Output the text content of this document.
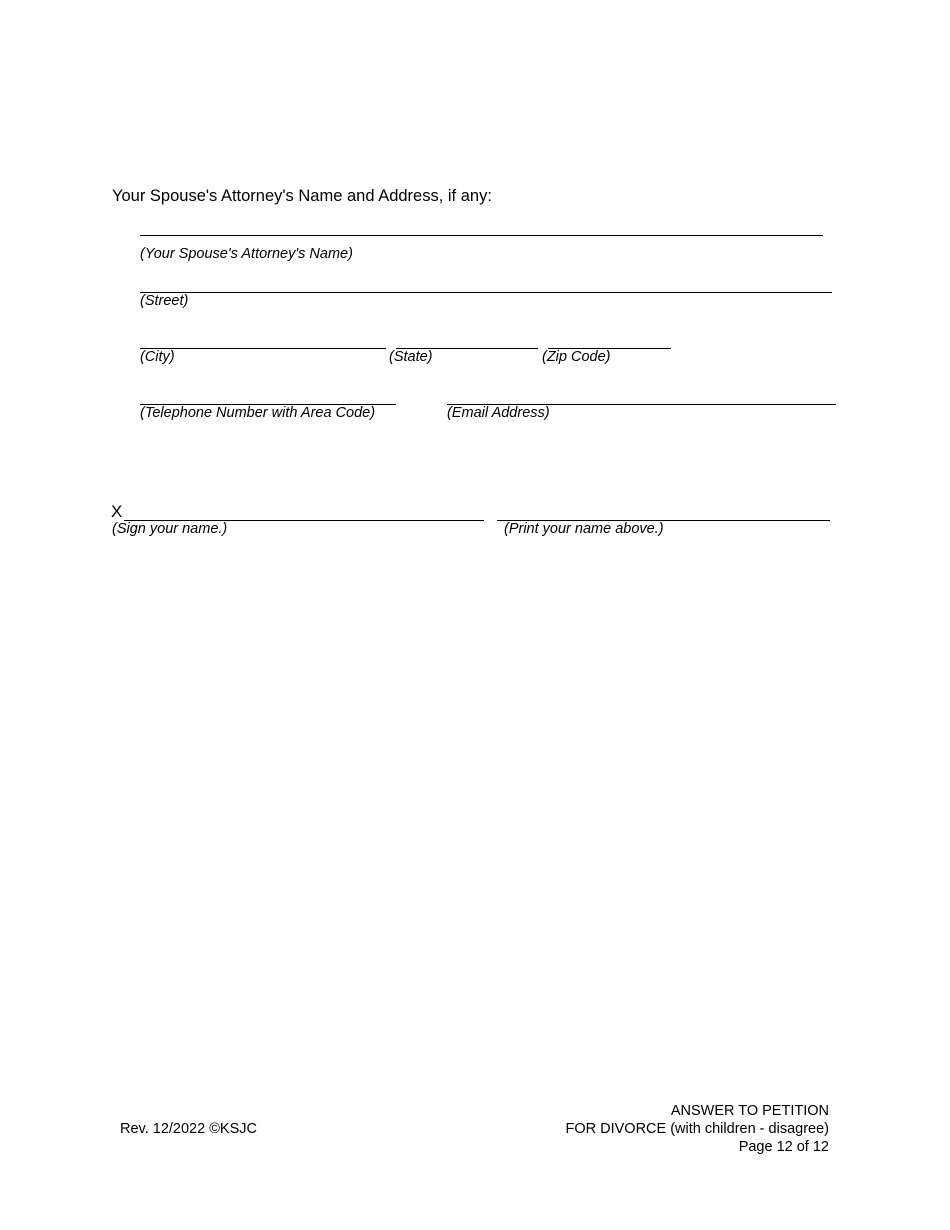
Your Spouse's Attorney's Name and Address, if any:
(Your Spouse's Attorney's Name)
(Street)
(City)	(State)	(Zip Code)
(Telephone Number with Area Code)	(Email Address)
X
(Sign your name.)	(Print your name above.)
Rev. 12/2022 ©KSJC
ANSWER TO PETITION
FOR DIVORCE (with children - disagree)
Page 12 of 12
